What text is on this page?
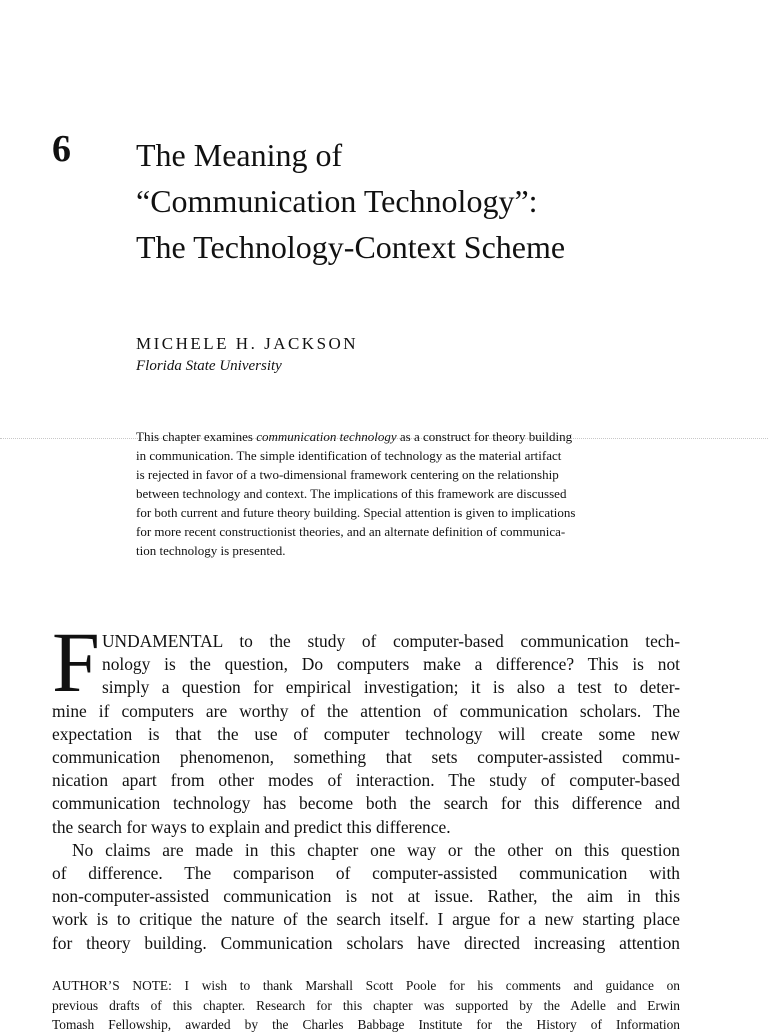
6 The Meaning of
“Communication Technology”:
The Technology-Context Scheme
MICHELE H. JACKSON
Florida State University
This chapter examines communication technology as a construct for theory building
in communication. The simple identification of technology as the material artifact
is rejected in favor of a two-dimensional framework centering on the relationship
between technology and context. The implications of this framework are discussed
for both current and future theory building. Special attention is given to implications
for more recent constructionist theories, and an alternate definition of communica-
tion technology is presented.
F UNDAMENTAL to the study of computer-based communication tech-
nology is the question, Do computers make a difference? This is not
simply a question for empirical investigation; it is also a test to deter-
mine if computers are worthy of the attention of communication scholars. The
expectation is that the use of computer technology will create some new
communication phenomenon, something that sets computer-assisted commu-
nication apart from other modes of interaction. The study of computer-based
communication technology has become both the search for this difference and
the search for ways to explain and predict this difference.
No claims are made in this chapter one way or the other on this question
of difference. The comparison of computer-assisted communication with
non-computer-assisted communication is not at issue. Rather, the aim in this
work is to critique the nature of the search itself. I argue for a new starting place
for theory building. Communication scholars have directed increasing attention
AUTHOR’S NOTE: I wish to thank Marshall Scott Poole for his comments and guidance on
previous drafts of this chapter. Research for this chapter was supported by the Adelle and Erwin
Tomash Fellowship, awarded by the Charles Babbage Institute for the History of Information
